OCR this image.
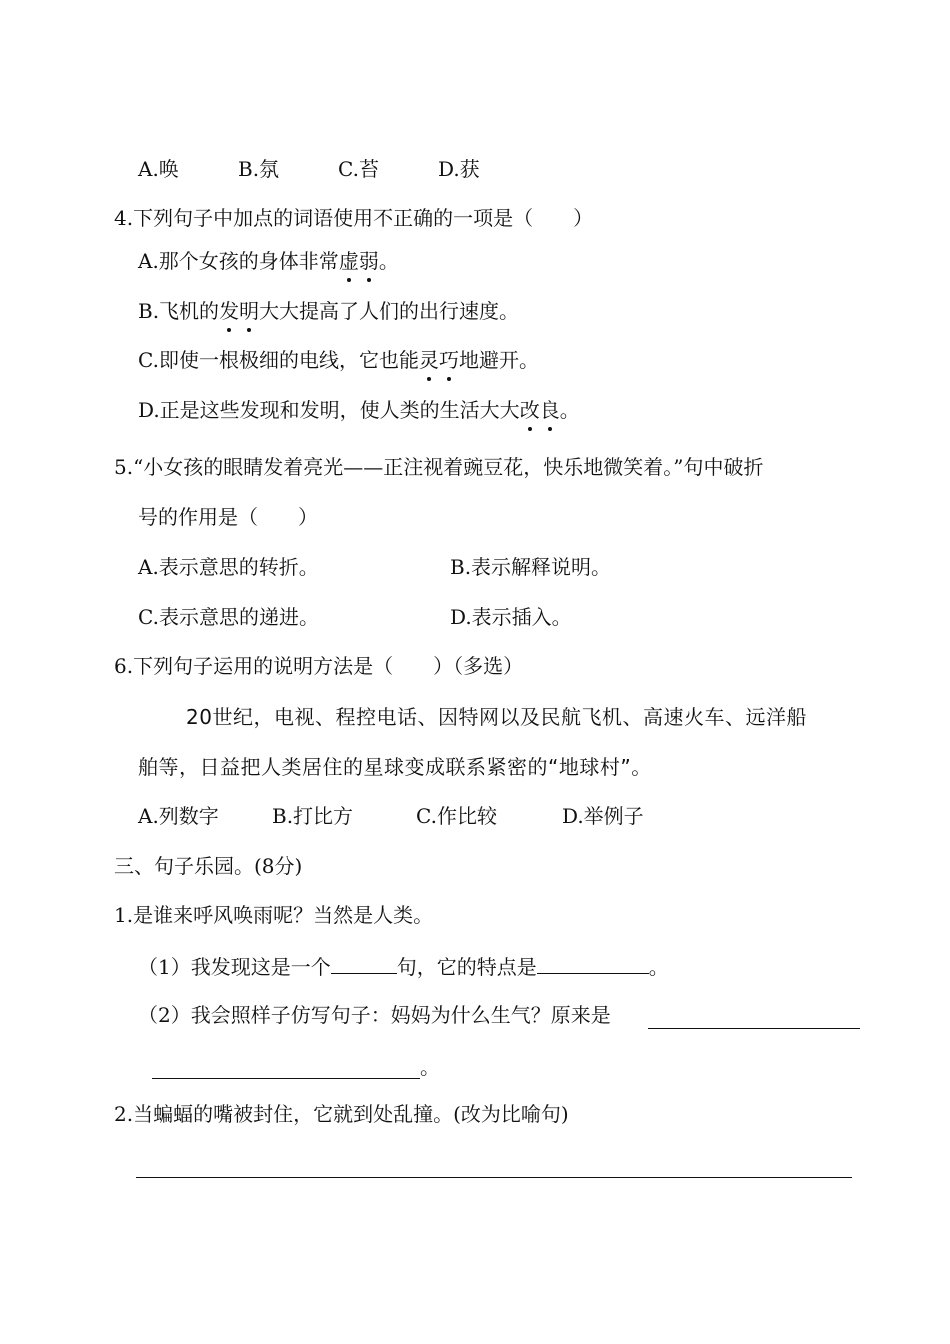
A.唤	B.氛	C.苔	D.获
4.下列句子中加点的词语使用不正确的一项是（　　）
A.那个女孩的身体非常虚弱。
B.飞机的发明大大提高了人们的出行速度。
C.即使一根极细的电线，它也能灵巧地避开。
D.正是这些发现和发明，使人类的生活大大改良。
5.“小女孩的眼睛发着亮光——正注视着豌豆花，快乐地微笑着。”句中破折
号的作用是（　　）
A.表示意思的转折。	B.表示解释说明。
C.表示意思的递进。	D.表示插入。
6.下列句子运用的说明方法是（　　）（多选）
20世纪，电视、程控电话、因特网以及民航飞机、高速火车、远洋船
舶等，日益把人类居住的星球变成联系紧密的“地球村”。
A.列数字	B.打比方	C.作比较	D.举例子
三、句子乐园。(8分)
1.是谁来呼风唤雨呢？当然是人类。
（1）我发现这是一个	句，它的特点是	。
（2）我会照样子仿写句子：妈妈为什么生气？原来是
。
2.当蝙蝠的嘴被封住，它就到处乱撞。(改为比喻句)
